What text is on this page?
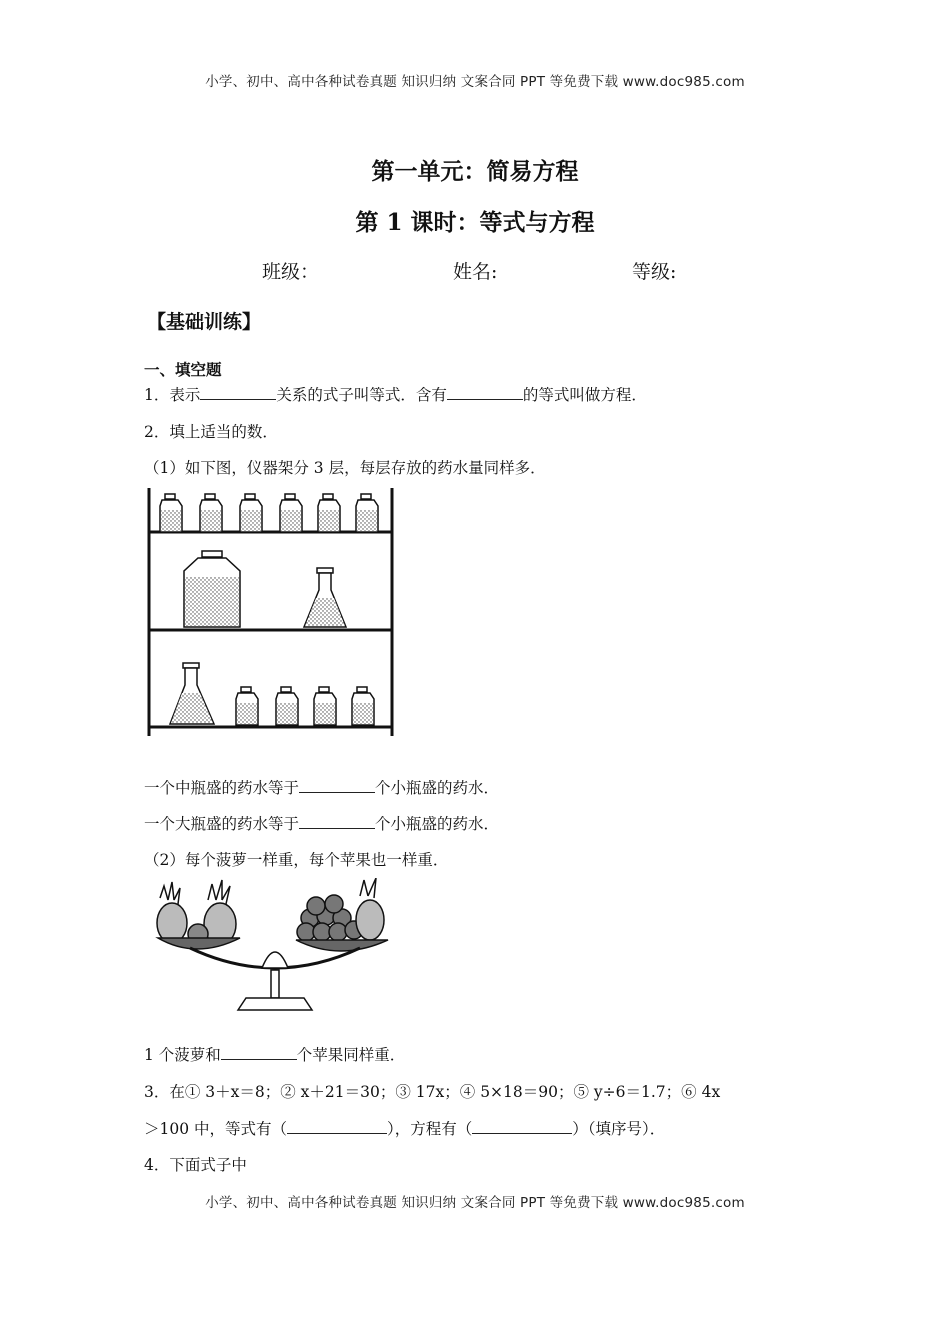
小学、初中、高中各种试卷真题 知识归纳 文案合同 PPT 等免费下载 www.doc985.com
第一单元：简易方程
第 1 课时：等式与方程
班级：	姓名:	等级:
【基础训练】
一、填空题
1．表示	关系的式子叫等式．含有	的等式叫做方程．
2．填上适当的数．
（1）如下图，仪器架分 3 层，每层存放的药水量同样多．
一个中瓶盛的药水等于	个小瓶盛的药水．
一个大瓶盛的药水等于	个小瓶盛的药水．
（2）每个菠萝一样重，每个苹果也一样重．
1 个菠萝和	个苹果同样重．
3．在① 3＋x＝8；② x＋21＝30；③ 17x；④ 5×18＝90；⑤ y÷6＝1.7；⑥ 4x
＞100 中，等式有（	），方程有（	）（填序号）．
4．下面式子中
小学、初中、高中各种试卷真题 知识归纳 文案合同 PPT 等免费下载 www.doc985.com
